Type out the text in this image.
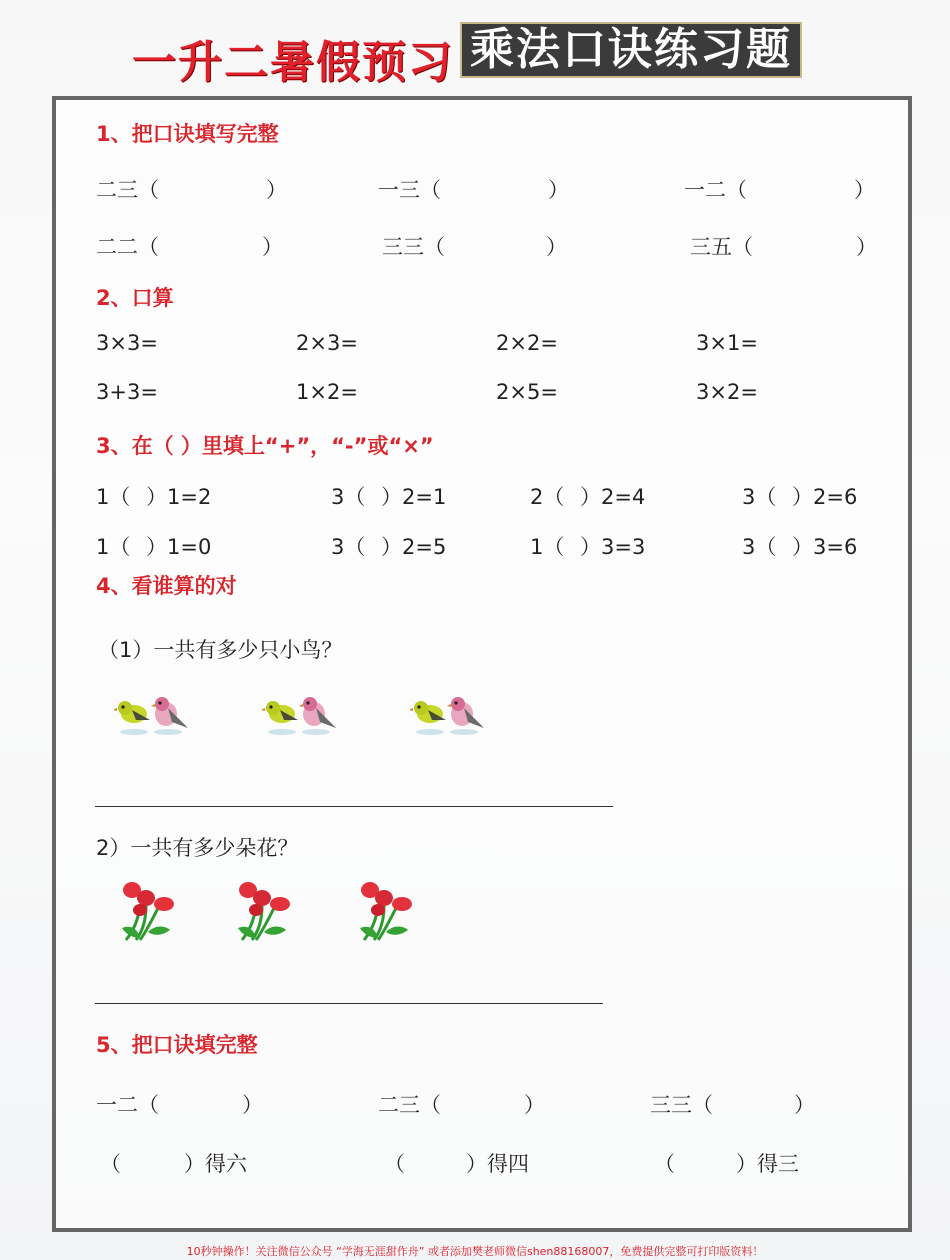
一升二暑假预习 乘法口诀练习题
1、把口诀填写完整
二三（	）	一三（	）	一二（	）
二二（	）	三三（	）	三五（	）
2、口算
3×3=	2×3=	2×2=	3×1=
3+3=	1×2=	2×5=	3×2=
3、在（ ）里填上“+”，“-”或“×”
1（ ）1=2	3（ ）2=1	2（ ）2=4	3（ ）2=6
1（ ）1=0	3（ ）2=5	1（ ）3=3	3（ ）3=6
4、看谁算的对
（1）一共有多少只小鸟？
2）一共有多少朵花？
5、把口诀填完整
一二（	）	二三（	）	三三（	）
（	）得六	（	）得四	（	）得三
10秒钟操作！关注微信公众号 “学海无涯甜作舟” 或者添加樊老师微信shen88168007，免费提供完整可打印版资料！
